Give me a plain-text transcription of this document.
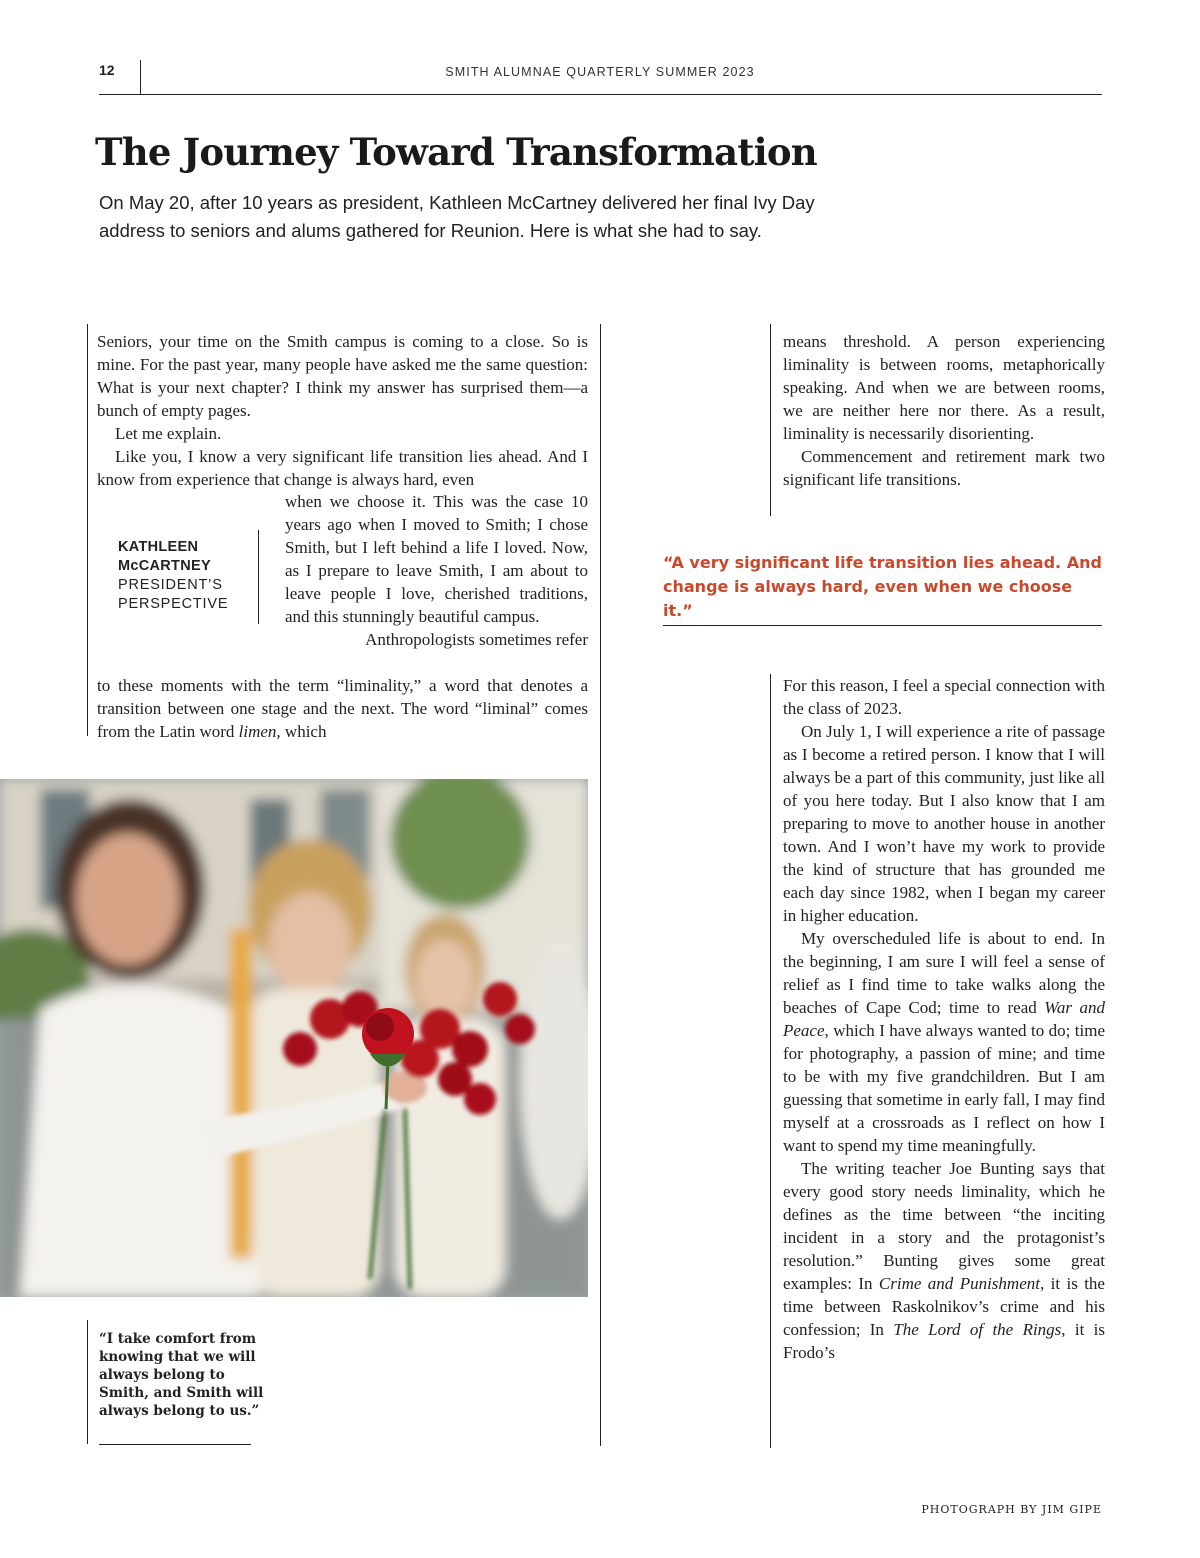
12	SMITH ALUMNAE QUARTERLY SUMMER 2023
The Journey Toward Transformation
On May 20, after 10 years as president, Kathleen McCartney delivered her final Ivy Day
address to seniors and alums gathered for Reunion. Here is what she had to say.

Seniors, your time on the Smith campus is coming to a close. So is mine. For the past year, many people have asked me the same question: What is your next chapter? I think my answer has surprised them—a bunch of empty pages.

Let me explain.

Like you, I know a very significant life transition lies ahead. And I know from experience that change is always hard, even

when we choose it. This was the case 10 years ago when I moved to Smith; I chose Smith, but I left behind a life I loved. Now, as I prepare to leave Smith, I am about to leave people I love, cherished traditions, and this stunningly beautiful campus.

Anthropologists sometimes refer

to these moments with the term “liminality,” a word that denotes a transition between one stage and the next. The word “liminal” comes from the Latin word limen, which

KATHLEEN
McCARTNEY
PRESIDENT’S
PERSPECTIVE
“I take comfort from knowing that we will always belong to Smith, and Smith will always belong to us.”

means threshold. A person experiencing liminality is between rooms, metaphorically speaking. And when we are between rooms, we are neither here nor there. As a result, liminality is necessarily disorienting.

Commencement and retirement mark two significant life transitions.

“A very significant life transition lies ahead. And change is always hard, even when we choose it.”

For this reason, I feel a special connection with the class of 2023.

On July 1, I will experience a rite of passage as I become a retired person. I know that I will always be a part of this community, just like all of you here today. But I also know that I am preparing to move to another house in another town. And I won’t have my work to provide the kind of structure that has grounded me each day since 1982, when I began my career in higher education.

My overscheduled life is about to end. In the beginning, I am sure I will feel a sense of relief as I find time to take walks along the beaches of Cape Cod; time to read War and Peace, which I have always wanted to do; time for photography, a passion of mine; and time to be with my five grandchildren. But I am guessing that sometime in early fall, I may find myself at a crossroads as I reflect on how I want to spend my time meaningfully.

The writing teacher Joe Bunting says that every good story needs liminality, which he defines as the time between “the inciting incident in a story and the protagonist’s resolution.” Bunting gives some great examples: In Crime and Punishment, it is the time between Raskolnikov’s crime and his confession; In The Lord of the Rings, it is Frodo’s

PHOTOGRAPH BY JIM GIPE
